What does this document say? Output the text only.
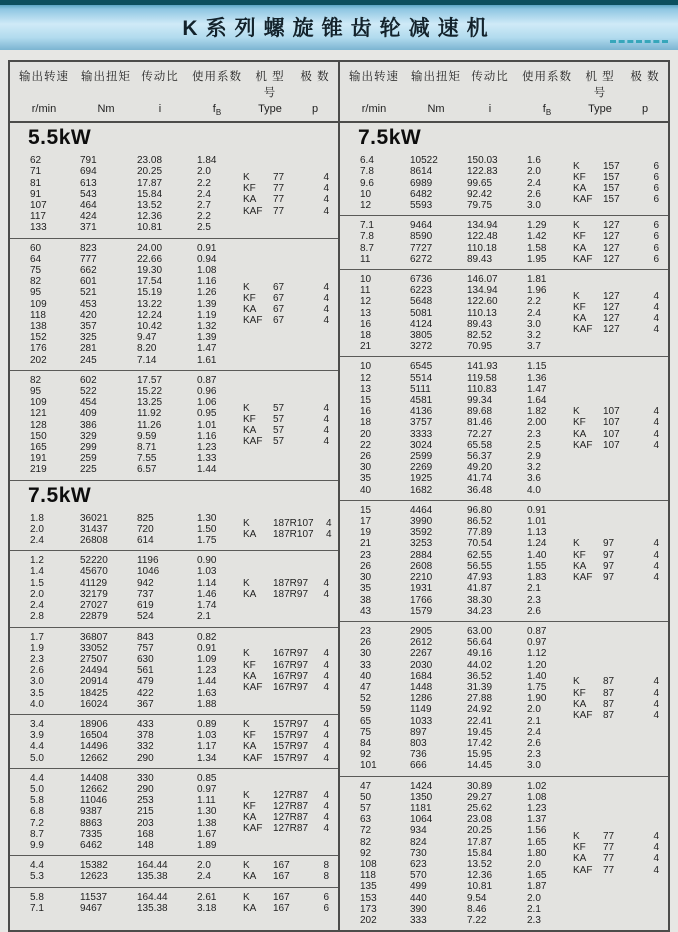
K系列螺旋锥齿轮减速机
输出转速	输出扭矩 传动比	使用系数	机 型 号
极 数
r/min	Nm	i	$f_B$	Type	p
5.5kW
62	791	23.08	1.84
71	694	20.25	2.0
81	613	17.87	2.2
91	543	15.84	2.4
107	464	13.52	2.7
117	424	12.36	2.2
133	371	10.81	2.5
K	77	4
KF	77	4
KA	77	4
KAF	77	4
60	823	24.00	0.91
64	777	22.66	0.94
75	662	19.30	1.08
82	601	17.54	1.16
95	521	15.19	1.26
109	453	13.22	1.39
118	420	12.24	1.19
138	357	10.42	1.32
152	325	9.47	1.39
176	281	8.20	1.47
202	245	7.14	1.61
K	67	4
KF	67	4
KA	67	4
KAF	67	4
82	602	17.57	0.87
95	522	15.22	0.96
109	454	13.25	1.06
121	409	11.92	0.95
128	386	11.26	1.01
150	329	9.59	1.16
165	299	8.71	1.23
191	259	7.55	1.33
219	225	6.57	1.44
K	57	4
KF	57	4
KA	57	4
KAF	57	4
7.5kW
1.8	36021	825	1.30
2.0	31437	720	1.50
2.4	26808	614	1.75
K	187R107	4
KA	187R107	4
1.2	52220	1196	0.90
1.4	45670	1046	1.03
1.5	41129	942	1.14
2.0	32179	737	1.46
2.4	27027	619	1.74
2.8	22879	524	2.1
K	187R97	4
KA	187R97	4
1.7	36807	843	0.82
1.9	33052	757	0.91
2.3	27507	630	1.09
2.6	24494	561	1.23
3.0	20914	479	1.44
3.5	18425	422	1.63
4.0	16024	367	1.88
K	167R97	4
KF	167R97	4
KA	167R97	4
KAF	167R97	4
3.4	18906	433	0.89
3.9	16504	378	1.03
4.4	14496	332	1.17
5.0	12662	290	1.34
K	157R97	4
KF	157R97	4
KA	157R97	4
KAF	157R97	4
4.4	14408	330	0.85
5.0	12662	290	0.97
5.8	11046	253	1.11
6.8	9387	215	1.30
7.2	8863	203	1.38
8.7	7335	168	1.67
9.9	6462	148	1.89
K	127R87	4
KF	127R87	4
KA	127R87	4
KAF	127R87	4
4.4	15382	164.44	2.0
5.3	12623	135.38	2.4
K	167	8
KA	167	8
5.8	11537	164.44	2.61
7.1	9467	135.38	3.18
K	167	6
KA	167	6
输出转速	输出扭矩 传动比	使用系数	机 型 号
极 数
r/min	Nm	i	$f_B$	Type	p
7.5kW
6.4	10522	150.03	1.6
7.8	8614	122.83	2.0
9.6	6989	99.65	2.4
10	6482	92.42	2.6
12	5593	79.75	3.0
K	157	6
KF	157	6
KA	157	6
KAF	157	6
7.1	9464	134.94	1.29
7.8	8590	122.48	1.42
8.7	7727	110.18	1.58
11	6272	89.43	1.95
K	127	6
KF	127	6
KA	127	6
KAF	127	6
10	6736	146.07	1.81
11	6223	134.94	1.96
12	5648	122.60	2.2
13	5081	110.13	2.4
16	4124	89.43	3.0
18	3805	82.52	3.2
21	3272	70.95	3.7
K	127	4
KF	127	4
KA	127	4
KAF	127	4
10	6545	141.93	1.15
12	5514	119.58	1.36
13	5111	110.83	1.47
15	4581	99.34	1.64
16	4136	89.68	1.82
18	3757	81.46	2.00
20	3333	72.27	2.3
22	3024	65.58	2.5
26	2599	56.37	2.9
30	2269	49.20	3.2
35	1925	41.74	3.6
40	1682	36.48	4.0
K	107	4
KF	107	4
KA	107	4
KAF	107	4
15	4464	96.80	0.91
17	3990	86.52	1.01
19	3592	77.89	1.13
21	3253	70.54	1.24
23	2884	62.55	1.40
26	2608	56.55	1.55
30	2210	47.93	1.83
35	1931	41.87	2.1
38	1766	38.30	2.3
43	1579	34.23	2.6
K	97	4
KF	97	4
KA	97	4
KAF	97	4
23	2905	63.00	0.87
26	2612	56.64	0.97
30	2267	49.16	1.12
33	2030	44.02	1.20
40	1684	36.52	1.40
47	1448	31.39	1.75
52	1286	27.88	1.90
59	1149	24.92	2.0
65	1033	22.41	2.1
75	897	19.45	2.4
84	803	17.42	2.6
92	736	15.95	2.3
101	666	14.45	3.0
K	87	4
KF	87	4
KA	87	4
KAF	87	4
47	1424	30.89	1.02
50	1350	29.27	1.08
57	1181	25.62	1.23
63	1064	23.08	1.37
72	934	20.25	1.56
82	824	17.87	1.65
92	730	15.84	1.80
108	623	13.52	2.0
118	570	12.36	1.65
135	499	10.81	1.87
153	440	9.54	2.0
173	390	8.46	2.1
202	333	7.22	2.3
K	77	4
KF	77	4
KA	77	4
KAF	77	4
